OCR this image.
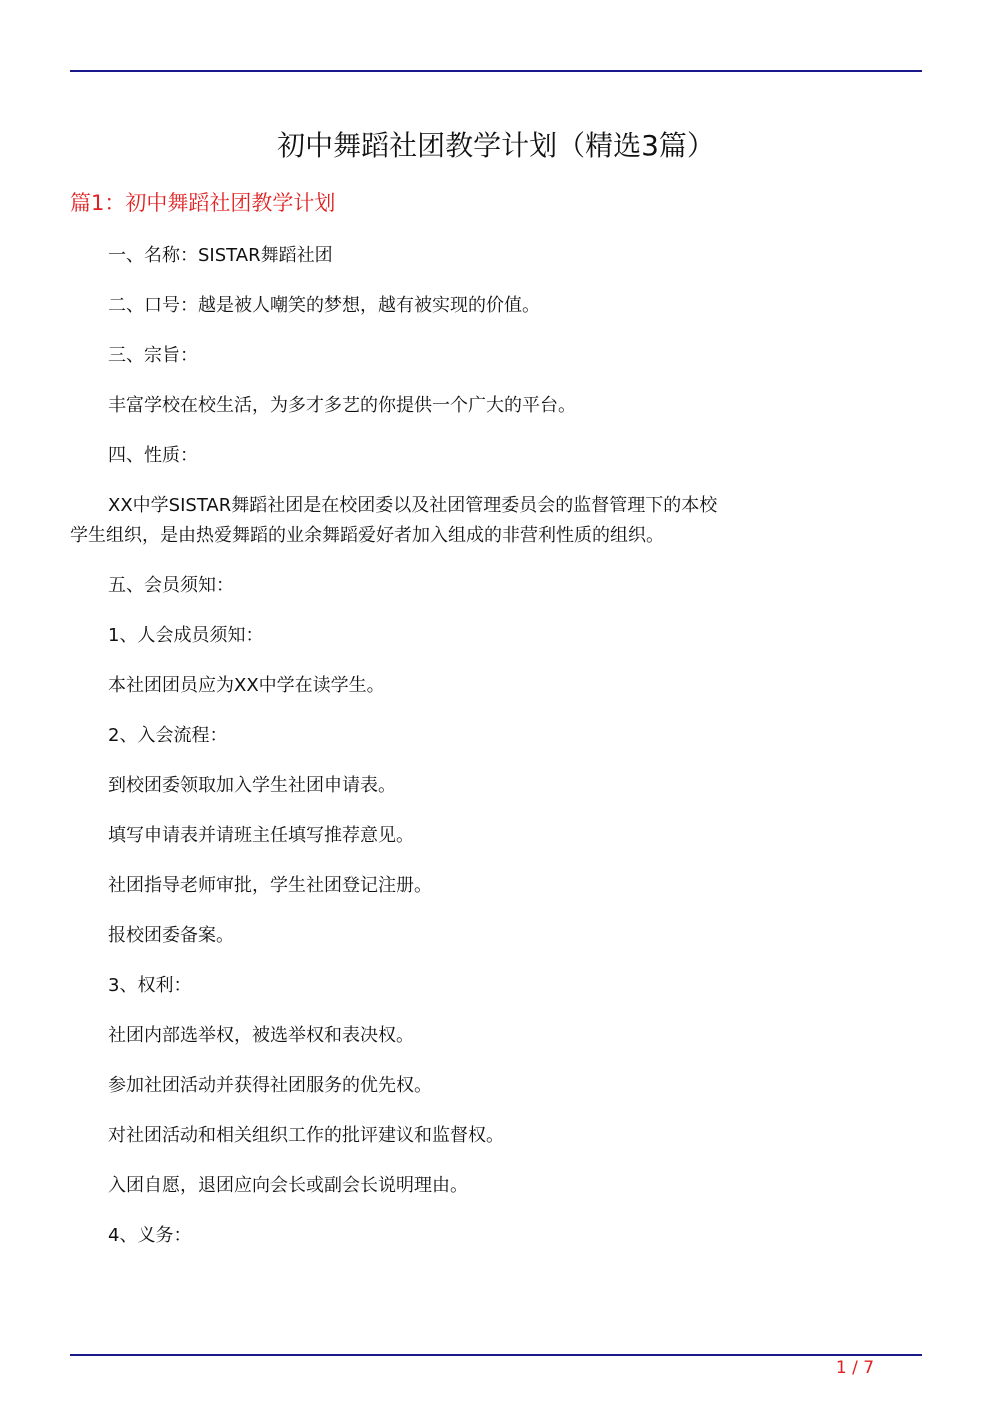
初中舞蹈社团教学计划（精选3篇）
篇1：初中舞蹈社团教学计划
一、名称：SISTAR舞蹈社团
二、口号：越是被人嘲笑的梦想，越有被实现的价值。
三、宗旨：
丰富学校在校生活，为多才多艺的你提供一个广大的平台。
四、性质：
XX中学SISTAR舞蹈社团是在校团委以及社团管理委员会的监督管理下的本校
学生组织，是由热爱舞蹈的业余舞蹈爱好者加入组成的非营利性质的组织。
五、会员须知：
1、人会成员须知：
本社团团员应为XX中学在读学生。
2、入会流程：
到校团委领取加入学生社团申请表。
填写申请表并请班主任填写推荐意见。
社团指导老师审批，学生社团登记注册。
报校团委备案。
3、权利：
社团内部选举权，被选举权和表决权。
参加社团活动并获得社团服务的优先权。
对社团活动和相关组织工作的批评建议和监督权。
入团自愿，退团应向会长或副会长说明理由。
4、义务：
1 / 7
